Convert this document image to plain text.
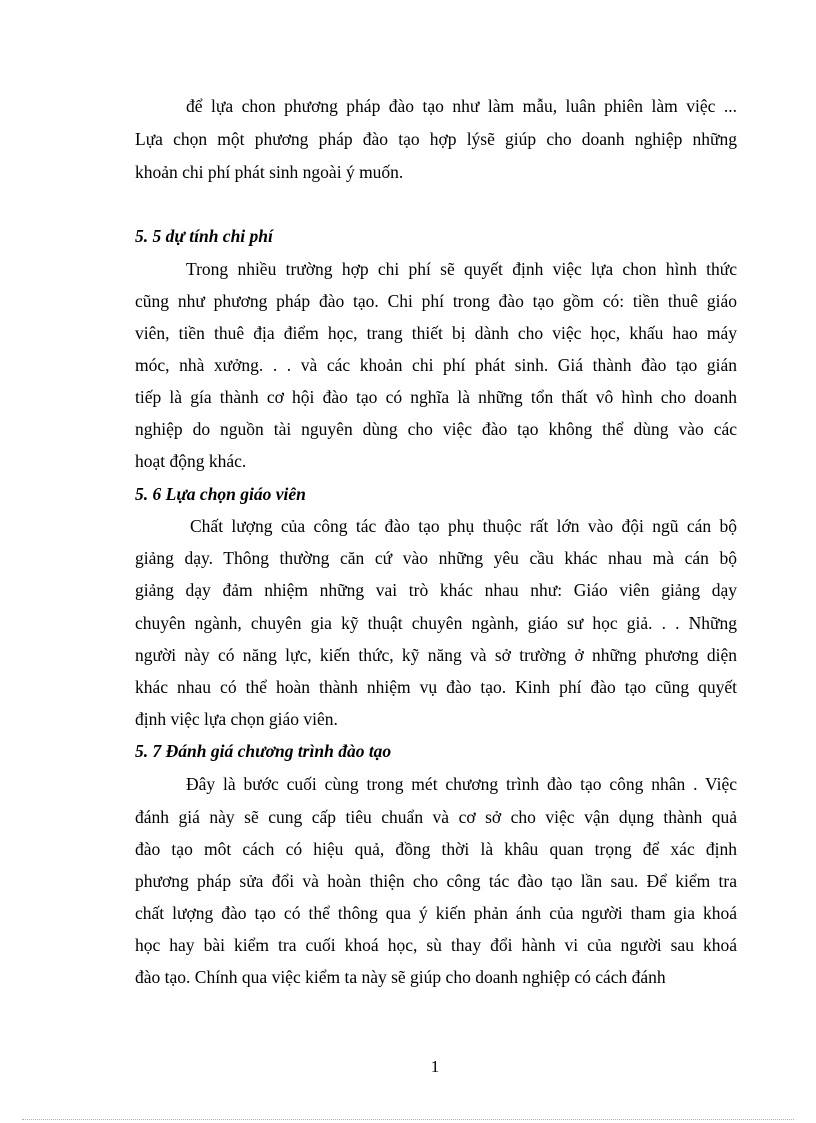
để lựa chon phương pháp đào tạo như làm mẫu, luân phiên làm việc ...
Lựa chọn một phương pháp đào tạo hợp lýsẽ giúp cho doanh nghiệp những
khoản chi phí phát sinh ngoài ý muốn.
5. 5 dự tính chi phí
Trong nhiều trường hợp chi phí sẽ quyết định việc lựa chon hình thức
cũng như phương pháp đào tạo. Chi phí trong đào tạo gồm có: tiền thuê giáo
viên, tiền thuê địa điểm học, trang thiết bị dành cho việc học, khấu hao máy
móc, nhà xưởng. . . và các khoản chi phí phát sinh. Giá thành đào tạo gián
tiếp là gía thành cơ hội đào tạo có nghĩa là những tổn thất vô hình cho doanh
nghiệp do nguồn tài nguyên dùng cho việc đào tạo không thể dùng vào các
hoạt động khác.
5. 6 Lựa chọn giáo viên
Chất lượng của công tác đào tạo phụ thuộc rất lớn vào đội ngũ cán bộ
giảng dạy. Thông thường căn cứ vào những yêu cầu khác nhau mà cán bộ
giảng dạy đảm nhiệm những vai trò khác nhau như: Giáo viên giảng dạy
chuyên ngành, chuyên gia kỹ thuật chuyên ngành, giáo sư học giả. . . Những
người này có năng lực, kiến thức, kỹ năng và sở trường ở những phương diện
khác nhau có thể hoàn thành nhiệm vụ đào tạo. Kinh phí đào tạo cũng quyết
định việc lựa chọn giáo viên.
5. 7 Đánh giá chương trình đào tạo
Đây là bước cuối cùng trong mét chương trình đào tạo công nhân . Việc
đánh giá này sẽ cung cấp tiêu chuẩn và cơ sở cho việc vận dụng thành quả
đào tạo môt cách có hiệu quả, đồng thời là khâu quan trọng để xác định
phương pháp sửa đổi và hoàn thiện cho công tác đào tạo lần sau. Để kiểm tra
chất lượng đào tạo có thể thông qua ý kiến phản ánh của người tham gia khoá
học hay bài kiểm tra cuối khoá học, sù thay đổi hành vi của người sau khoá
đào tạo. Chính qua việc kiểm ta này sẽ giúp cho doanh nghiệp có cách đánh
1
